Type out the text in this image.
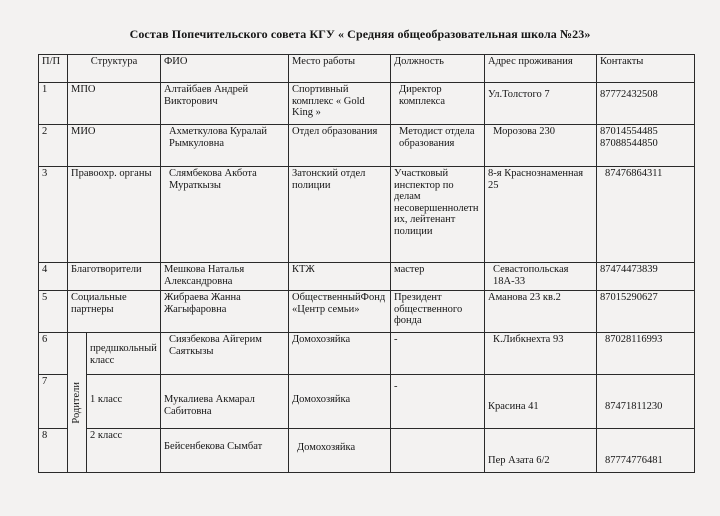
Состав Попечительского совета КГУ « Средняя общеобразовательная школа №23»
П/П	Структура		ФИО	Место работы	Должность	Адрес проживания	Контакты
1	МПО		Алтайбаев Андрей Викторович	Спортивный комплекс « Gold King »	Директор комплекса	Ул.Толстого 7	87772432508
2	МИО		Ахметкулова Куралай Рымкуловна	Отдел образования	Методист отдела образования	Морозова 230	87014554485 87088544850
3	Правоохр. органы		Слямбекова Акбота Мураткызы	Затонский отдел полиции	Участковый инспектор по делам несовершеннолетних, лейтенант полиции	8-я Краснознаменная 25	87476864311
4	Благотворители		Мешкова Наталья Александровна	КТЖ	мастер	Севастопольская 18А-33	87474473839
5	Социальные партнеры		Жибраева Жанна Жагыфаровна	ОбщественныйФонд «Центр семьи»	Президент общественного фонда	Аманова 23 кв.2	87015290627
6	Родители	предшкольный класс	Сиязбекова Айгерим Саяткызы	Домохозяйка	-	К.Либкнехта 93	87028116993
7		1 класс	Мукалиева Акмарал Сабитовна	Домохозяйка	-	Красина 41	87471811230
8		2 класс	Бейсенбекова Сымбат	Домохозяйка		Пер Азата 6/2	87774776481
